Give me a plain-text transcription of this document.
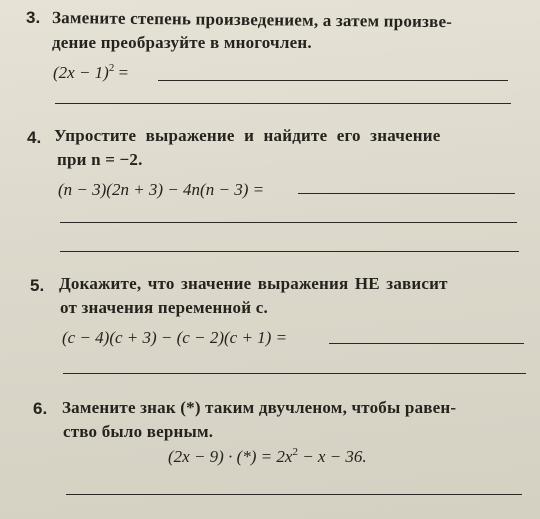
3. Замените степень произведением, а затем произве-
дение преобразуйте в многочлен.
$(2x - 1)^2$ =
4. Упростите выражение и найдите его значение
при n = −2.
(n − 3)(2n + 3) − 4n(n − 3) =
5. Докажите, что значение выражения НЕ зависит
от значения переменной c.
(c − 4)(c + 3) − (c − 2)(c + 1) =
6. Замените знак (*) таким двучленом, чтобы равен-
ство было верным.
(2x − 9) · (*) = $2x^2 - x - 36$.
